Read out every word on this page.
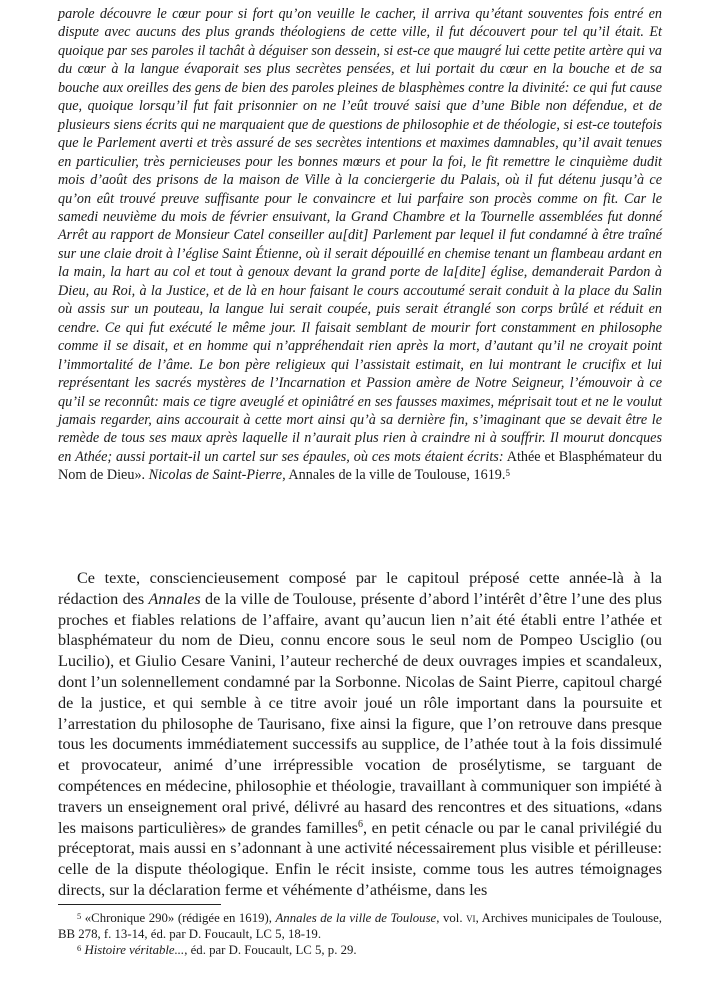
parole découvre le cœur pour si fort qu’on veuille le cacher, il arriva qu’étant souventes fois entré en dispute avec aucuns des plus grands théologiens de cette ville, il fut découvert pour tel qu’il était. Et quoique par ses paroles il tachât à déguiser son dessein, si est-ce que maugré lui cette petite artère qui va du cœur à la langue évaporait ses plus secrètes pensées, et lui portait du cœur en la bouche et de sa bouche aux oreilles des gens de bien des paroles pleines de blasphèmes contre la divinité: ce qui fut cause que, quoique lorsqu’il fut fait prisonnier on ne l’eût trouvé saisi que d’une Bible non défendue, et de plusieurs siens écrits qui ne marquaient que de questions de philosophie et de théologie, si est-ce toutefois que le Parlement averti et très assuré de ses secrètes intentions et maximes damnables, qu’il avait tenues en particulier, très pernicieuses pour les bonnes mœurs et pour la foi, le fit remettre le cinquième dudit mois d’août des prisons de la maison de Ville à la conciergerie du Palais, où il fut détenu jusqu’à ce qu’on eût trouvé preuve suffisante pour le convaincre et lui parfaire son procès comme on fit. Car le samedi neuvième du mois de février ensuivant, la Grand Chambre et la Tournelle assemblées fut donné Arrêt au rapport de Monsieur Catel conseiller au[dit] Parlement par lequel il fut condamné à être traîné sur une claie droit à l’église Saint Étienne, où il serait dépouillé en chemise tenant un flambeau ardant en la main, la hart au col et tout à genoux devant la grand porte de la[dite] église, demanderait Pardon à Dieu, au Roi, à la Justice, et de là en hour faisant le cours accoutumé serait conduit à la place du Salin où assis sur un pouteau, la langue lui serait coupée, puis serait étranglé son corps brûlé et réduit en cendre. Ce qui fut exécuté le même jour. Il faisait semblant de mourir fort constamment en philosophe comme il se disait, et en homme qui n’appréhendait rien après la mort, d’autant qu’il ne croyait point l’immortalité de l’âme. Le bon père religieux qui l’assistait estimait, en lui montrant le crucifix et lui représentant les sacrés mystères de l’Incarnation et Passion amère de Notre Seigneur, l’émouvoir à ce qu’il se reconnût: mais ce tigre aveuglé et opiniâtré en ses fausses maximes, méprisait tout et ne le voulut jamais regarder, ains accourait à cette mort ainsi qu’à sa dernière fin, s’imaginant que se devait être le remède de tous ses maux après laquelle il n’aurait plus rien à craindre ni à souffrir. Il mourut doncques en Athée; aussi portait-il un cartel sur ses épaules, où ces mots étaient écrits: Athée et Blasphémateur du Nom de Dieu». Nicolas de Saint-Pierre, Annales de la ville de Toulouse, 1619.$^5$

Ce texte, consciencieusement composé par le capitoul préposé cette année-là à la rédaction des Annales de la ville de Toulouse, présente d’abord l’intérêt d’être l’une des plus proches et fiables relations de l’affaire, avant qu’aucun lien n’ait été établi entre l’athée et blasphémateur du nom de Dieu, connu encore sous le seul nom de Pompeo Usciglio (ou Lucilio), et Giulio Cesare Vanini, l’auteur recherché de deux ouvrages impies et scandaleux, dont l’un solennellement condamné par la Sorbonne. Nicolas de Saint Pierre, capitoul chargé de la justice, et qui semble à ce titre avoir joué un rôle important dans la poursuite et l’arrestation du philosophe de Taurisano, fixe ainsi la figure, que l’on retrouve dans presque tous les documents immédiatement successifs au supplice, de l’athée tout à la fois dissimulé et provocateur, animé d’une irrépressible vocation de prosélytisme, se targuant de compétences en médecine, philosophie et théologie, travaillant à communiquer son impiété à travers un enseignement oral privé, délivré au hasard des rencontres et des situations, «dans les maisons particulières» de grandes familles$^6$, en petit cénacle ou par le canal privilégié du préceptorat, mais aussi en s’adonnant à une activité nécessairement plus visible et périlleuse: celle de la dispute théologique. Enfin le récit insiste, comme tous les autres témoignages directs, sur la déclaration ferme et véhémente d’athéisme, dans les

$^5$ «Chronique 290» (rédigée en 1619), Annales de la ville de Toulouse, vol. vi, Archives municipales de Toulouse, BB 278, f. 13-14, éd. par D. Foucault, LC 5, 18-19.

$^6$ Histoire véritable..., éd. par D. Foucault, LC 5, p. 29.
